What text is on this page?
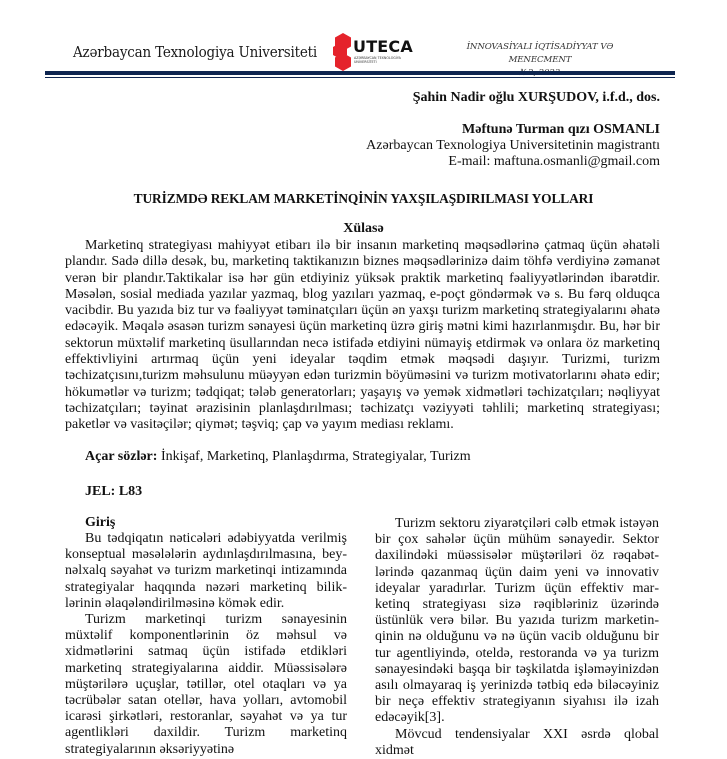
Azərbaycan Texnologiya Universiteti UTECA
AZƏRBAYCAN TEXNOLOGİYA UNİVERSİTETİ
İNNOVASİYALI İQTİSADİYYAT VƏ MENECMENT
Şahin Nadir oğlu XURŞUDOV, i.f.d., dos.
Məftunə Turman qızı OSMANLI
Azərbaycan Texnologiya Universitetinin magistrantı
E-mail: maftuna.osmanli@gmail.com
TURİZMDƏ REKLAM MARKETİNQİNİN YAXŞILAŞDIRILMASI YOLLARI
Xülasə

Marketinq strategiyası mahiyyət etibarı ilə bir insanın marketinq məqsədlərinə çatmaq üçün əhatəli plandır. Sadə dillə desək, bu, marketinq taktikanızın biznes məqsədlərinizə daim töhfə verdiyinə zəmanət verən bir plandır.Taktikalar isə hər gün etdiyiniz yüksək praktik marketinq fəaliyyətlərindən ibarətdir. Məsələn, sosial mediada yazılar yazmaq, blog yazıları yazmaq, e-poçt göndərmək və s. Bu fərq olduqca vacibdir. Bu yazıda biz tur və fəaliyyət təminatçıları üçün ən yaxşı turizm marketinq strategiyalarını əhatə edəcəyik. Məqalə əsasən turizm sənayesi üçün marketinq üzrə giriş mətni kimi hazırlanmışdır. Bu, hər bir sektorun müxtəlif marketinq üsullarından necə istifadə etdiyini nümayiş etdirmək və onlara öz marketinq effektivliyini artırmaq üçün yeni ideyalar təqdim etmək məqsədi daşıyır. Turizmi, turizm təchizatçısını,turizm məhsulunu müəyyən edən turizmin böyüməsini və turizm motivatorlarını əhatə edir; hökumətlər və turizm; tədqiqat; tələb generatorları; yaşayış və yemək xidmətləri təchizatçıları; nəqliyyat təchizatçıları; təyinat ərazisinin planlaşdırılması; təchizatçı vəziyyəti təhlili; marketinq strategiyası; paketlər və vasitəçilər; qiymət; təşviq; çap və yayım mediası reklamı.

Açar sözlər: İnkişaf, Marketinq, Planlaşdırma, Strategiyalar, Turizm
JEL: L83
Giriş

Bu tədqiqatın nəticələri ədəbiyyatda verilmiş konseptual məsələlərin aydınlaşdırılmasına, beynəlxalq səyahət və turizm marketinqi intizamında strategiyalar haqqında nəzəri marketinq biliklərinin əlaqələndirilməsinə kömək edir.

Turizm marketinqi turizm sənayesinin müxtəlif komponentlərinin öz məhsul və xidmətlərini satmaq üçün istifadə etdikləri marketinq strategiyalarına aiddir. Müəssisələrə müştərilərə uçuşlar, tətillər, otel otaqları və ya təcrübələr satan otellər, hava yolları, avtomobil icarəsi şirkətləri, restoranlar, səyahət və ya tur agentlikləri daxildir. Turizm marketinq strategiyalarının əksəriyyətinə

Turizm sektoru ziyarətçiləri cəlb etmək istəyən bir çox sahələr üçün mühüm sənayedir. Sektor daxilindəki müəssisələr müştəriləri öz rəqabətlərində qazanmaq üçün daim yeni və innovativ ideyalar yaradırlar. Turizm üçün effektiv marketinq strategiyası sizə rəqibləriniz üzərində üstünlük verə bilər. Bu yazıda turizm marketinqinin nə olduğunu və nə üçün vacib olduğunu bir tur agentliyində, oteldə, restoranda və ya turizm sənayesindəki başqa bir təşkilatda işləməyinizdən asılı olmayaraq iş yerinizdə tətbiq edə biləcəyiniz bir neçə effektiv strategiyanın siyahısı ilə izah edəcəyik[3].

Mövcud tendensiyalar XXI əsrdə qlobal xidmət
